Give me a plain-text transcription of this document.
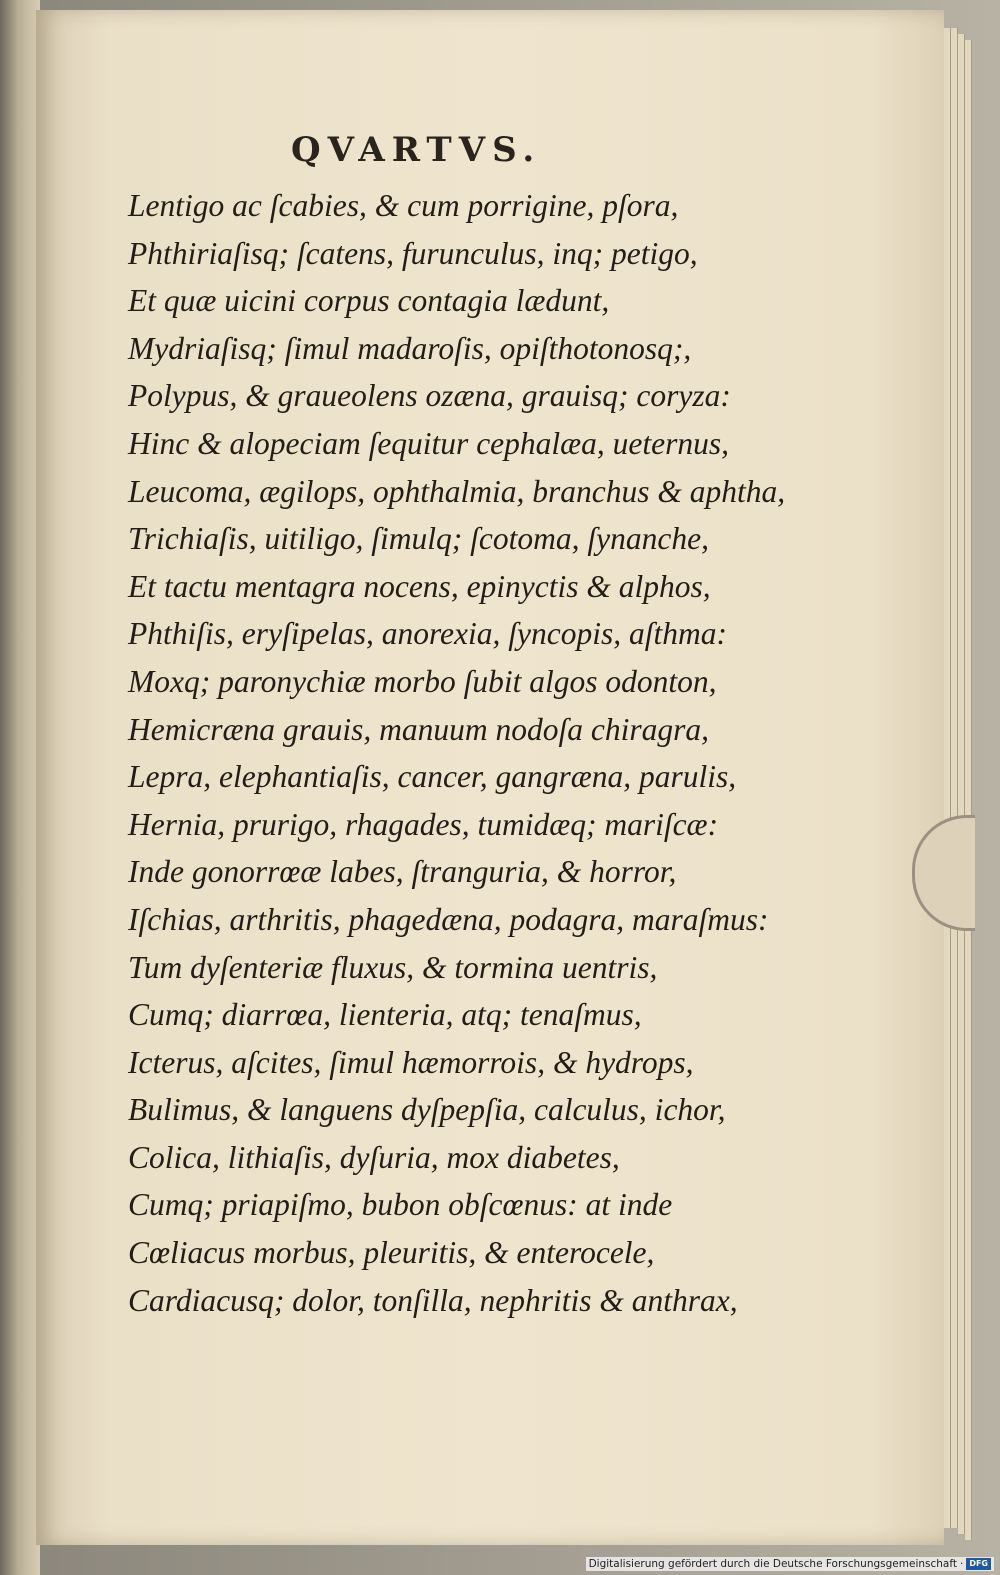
QVARTVS.
Lentigo ac ſcabies, & cum porrigine, pſora,
Phthiriaſisq; ſcatens, furunculus, inq; petigo,
Et quæ uicini corpus contagia lædunt,
Mydriaſisq; ſimul madaroſis, opiſthotonosq;,
Polypus, & graueolens ozæna, grauisq; coryza:
Hinc & alopeciam ſequitur cephalæa, ueternus,
Leucoma, ægilops, ophthalmia, branchus & aphtha,
Trichiaſis, uitiligo, ſimulq; ſcotoma, ſynanche,
Et tactu mentagra nocens, epinyctis & alphos,
Phthiſis, eryſipelas, anorexia, ſyncopis, aſthma:
Moxq; paronychiæ morbo ſubit algos odonton,
Hemicræna grauis, manuum nodoſa chiragra,
Lepra, elephantiaſis, cancer, gangræna, parulis,
Hernia, prurigo, rhagades, tumidæq; mariſcæ:
Inde gonorrœæ labes, ſtranguria, & horror,
Iſchias, arthritis, phagedæna, podagra, maraſmus:
Tum dyſenteriæ fluxus, & tormina uentris,
Cumq; diarrœa, lienteria, atq; tenaſmus,
Icterus, aſcites, ſimul hæmorrois, & hydrops,
Bulimus, & languens dyſpepſia, calculus, ichor,
Colica, lithiaſis, dyſuria, mox diabetes,
Cumq; priapiſmo, bubon obſcœnus: at inde
Cœliacus morbus, pleuritis, & enterocele,
Cardiacusq; dolor, tonſilla, nephritis & anthrax,
Digitalisierung gefördert durch die Deutsche Forschungsgemeinschaft · DFG
